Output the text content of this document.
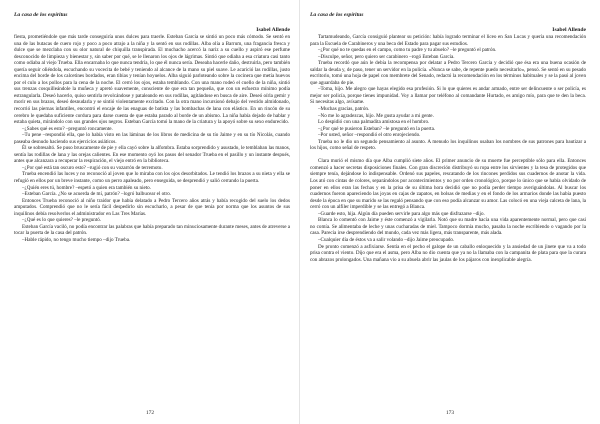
La casa de los espíritus
Isabel Allende

fiesta, prometiéndole que más tarde conseguiría unos dulces para traerle. Esteban García se sintió un poco más cómodo. Se sentó en una de las butacas de cuero rojo y poco a poco atrajo a la niña y la sentó en sus rodillas. Alba olía a Barrum, una fragancia fresca y dulce que se mezclaba con su olor natural de chiquilla transpirada. El muchacho acercó la nariz a su cuello y aspiró ese perfume desconocido de limpieza y bienestar y, sin saber por qué, se le llenaron los ojos de lágrimas. Sintió que odiaba a esa criatura casi tanto como odiaba al viejo Trueba. Ella encarnaba lo que nunca tendría, lo que él nunca sería. Deseaba hacerle daño, destruirla, pero también quería seguir oliéndola, escuchando su vocecita de bebé y teniendo al alcance de la mano su piel suave. Le acarició las rodillas, justo encima del borde de los calcetines bordados, eran tibias y tenían hoyuelos. Alba siguió parloteando sobre la cocinera que metía huevos por el culo a los pollos para la cena de la noche. El cerró los ojos, estaba temblando. Con una mano rodeó el cuello de la niña, sintió sus trenzas cosquilleándole la muñeca y apretó suavemente, consciente de que era tan pequeña, que con un esfuerzo mínimo podía estrangularla. Deseó hacerlo, quiso sentirla revolcándose y pataleando en sus rodillas, agitándose en busca de aire. Deseó oírla gemir y morir en sus brazos, deseó desnudarla y se sintió violentamente excitado. Con la otra mano incursionó debajo del vestido almidonado, recorrió las piernas infantiles, encontró el encaje de las enaguas de batista y las bombachas de lana con elástico. En un rincón de su cerebro le quedaba suficiente cordura para darse cuenta de que estaba parado al borde de un abismo. La niña había dejado de hablar y estaba quieta, mirándolo con sus grandes ojos negros. Esteban García tomó la mano de la criatura y la apoyó sobre su sexo endurecido.

–¿Sabes qué es esto? –preguntó roncamente.

–Tu pene –respondió ella, que lo había visto en las láminas de los libros de medicina de su tío Jaime y en su tío Nicolás, cuando paseaba desnudo haciendo sus ejercicios asiáticos.

Él se sobresaltó. Se puso bruscamente de pie y ella cayó sobre la alfombra. Estaba sorprendido y asustado, le temblaban las manos, sentía las rodillas de lana y las orejas calientes. En ese momento oyó los pasos del senador Trueba en el pasillo y un instante después, antes que alcanzara a recuperar la respiración, el viejo entró en la biblioteca.

–¿Por qué está tan oscuro esto? –rugió con su vozarrón de terremoto.

Trueba encendió las luces y no reconoció al joven que lo miraba con los ojos desorbitados. Le tendió los brazos a su nieta y ella se refugió en ellos por un breve instante, como un perro apaleado, pero enseguida, se desprendió y salió cerrando la puerta.

–¿Quién eres tú, hombre? –espetó a quien era también su nieto.

–Esteban García. ¿No se acuerda de mí, patrón? –logró balbucear el otro.

Entonces Trueba reconoció al niño traidor que había delatado a Pedro Tercero años atrás y había recogido del suelo los dedos amputados. Comprendió que no le sería fácil despedirlo sin escucharlo, a pesar de que tenía por norma que los asuntos de sus inquilinos debía resolverlos el administrador en Las Tres Marías.

–¿Qué es lo que quieres? –le preguntó.

Esteban García vaciló, no podía encontrar las palabras que había preparado tan minuciosamente durante meses, antes de atreverse a tocar la puerta de la casa del patrón.

–Hable rápido, no tengo mucho tiempo –dijo Trueba.

172
La casa de los espíritus
Isabel Allende

Tartamudeando, García consiguió plantear su petición: había logrado terminar el liceo en San Lucas y quería una recomendación para la Escuela de Carabineros y una beca del Estado para pagar sus estudios.

–¿Por qué no te quedas en el campo, como tu padre y tu abuelo? –le preguntó el patrón.

–Disculpe, señor, pero quiero ser carabinero –rogó Esteban García.

Trueba recordó que aún le debía la recompensa por delatar a Pedro Tercero García y decidió que ésa era una buena ocasión de saldar la deuda y, de paso, tener un servidor en la policía. «Nunca se sabe, de repente puedo necesitarlo», pensó. Se sentó en su pesado escritorio, tomó una hoja de papel con membrete del Senado, redactó la recomendación en los términos habituales y se la pasó al joven que aguardaba de pie.

–Toma, hijo. Me alegro que hayas elegido esa profesión. Si lo que quieres es andar armado, entre ser delincuente o ser policía, es mejor ser policía, porque tienes impunidad. Voy a llamar por teléfono al comandante Hurtado, es amigo mío, para que te den la beca. Si necesitas algo, avísame.

–Muchas gracias, patrón.

–No me lo agradezcas, hijo. Me gusta ayudar a mi gente.

Lo despidió con una palmadita amistosa en el hombro.

–¿Por qué te pusieron Esteban? –le preguntó en la puerta.

–Por usted, señor –respondió el otro enrojeciendo.

Trueba no le dio un segundo pensamiento al asunto. A menudo los inquilinos usaban los nombres de sus patrones para bautizar a los hijos, como señal de respeto.

Clara murió el mismo día que Alba cumplió siete años. El primer anuncio de su muerte fue perceptible sólo para ella. Entonces comenzó a hacer secretas disposiciones finales. Con gran discreción distribuyó su ropa entre los sirvientes y la tesa de protegidos que siempre tenía, dejándose lo indispensable. Ordenó sus papeles, rescatando de los rincones perdidos sus cuadernos de anotar la vida. Los ató con cintas de colores, separándolos por acontecimientos y no por orden cronológico, porque lo único que se había olvidado de poner en ellos eran las fechas y en la prisa de su última hora decidió que no podía perder tiempo averiguándolas. Al buscar los cuadernos fueron apareciendo las joyas en cajas de zapatos, en bolsas de medias y en el fondo de los armarios donde las había puesto desde la época en que su marido se las regaló pensando que con eso podía alcanzar su amor. Las colocó en una vieja calceta de lana, la cerró con un alfiler imperdible y se las entregó a Blanca.

–Guarde esto, hija. Algún día pueden servirle para algo más que disfrazarse –dijo.

Blanca lo comentó con Jaime y éste comenzó a vigilarla. Notó que su madre hacía una vida aparentemente normal, pero que casi no comía. Se alimentaba de leche y unas cucharadas de miel. Tampoco dormía mucho, pasaba la noche escribiendo o vagando por la casa. Parecía irse desprendiendo del mundo, cada vez más ligera, más transparente, más alada.

–Cualquier día de éstos va a salir volando –dijo Jaime preocupado.

De pronto comenzó a asfixiarse. Sentía en el pecho el galope de un caballo enloquecido y la ansiedad de un jinete que va a todo prisa contra el viento. Dijo que era el asma, pero Alba no dio cuenta que ya no la llamaba con la campanita de plata para que la curara con abrazos prolongados. Una mañana vio a su abuela abrir las jaulas de los pájaros con inexplicable alegría.

173
